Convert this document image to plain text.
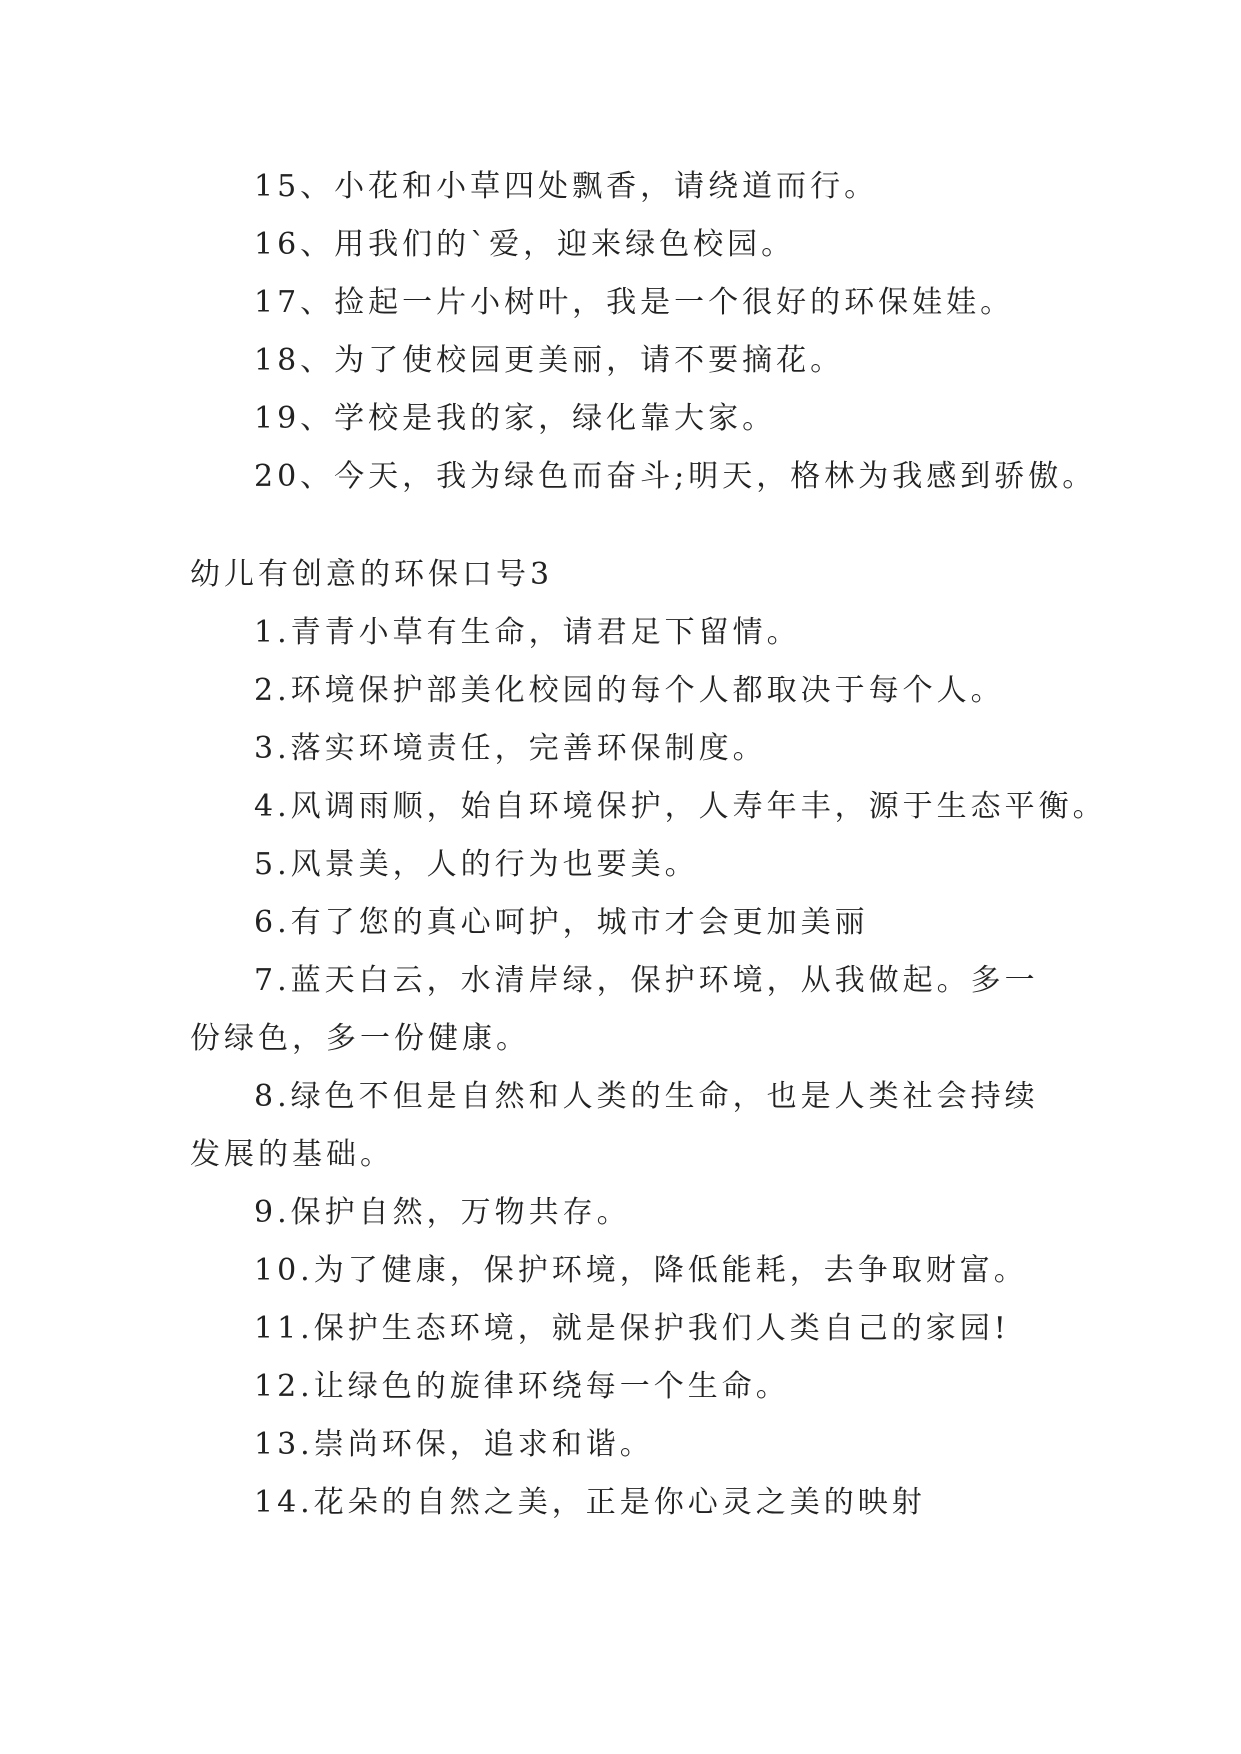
15、小花和小草四处飘香，请绕道而行。

16、用我们的`爱，迎来绿色校园。

17、捡起一片小树叶，我是一个很好的环保娃娃。

18、为了使校园更美丽，请不要摘花。

19、学校是我的家，绿化靠大家。

20、今天，我为绿色而奋斗;明天，格林为我感到骄傲。

幼儿有创意的环保口号3

1.青青小草有生命，请君足下留情。

2.环境保护部美化校园的每个人都取决于每个人。

3.落实环境责任，完善环保制度。

4.风调雨顺，始自环境保护，人寿年丰，源于生态平衡。

5.风景美，人的行为也要美。

6.有了您的真心呵护，城市才会更加美丽

7.蓝天白云，水清岸绿，保护环境，从我做起。多一份绿色，多一份健康。

8.绿色不但是自然和人类的生命，也是人类社会持续发展的基础。

9.保护自然，万物共存。

10.为了健康，保护环境，降低能耗，去争取财富。

11.保护生态环境，就是保护我们人类自己的家园!

12.让绿色的旋律环绕每一个生命。

13.崇尚环保，追求和谐。

14.花朵的自然之美，正是你心灵之美的映射
